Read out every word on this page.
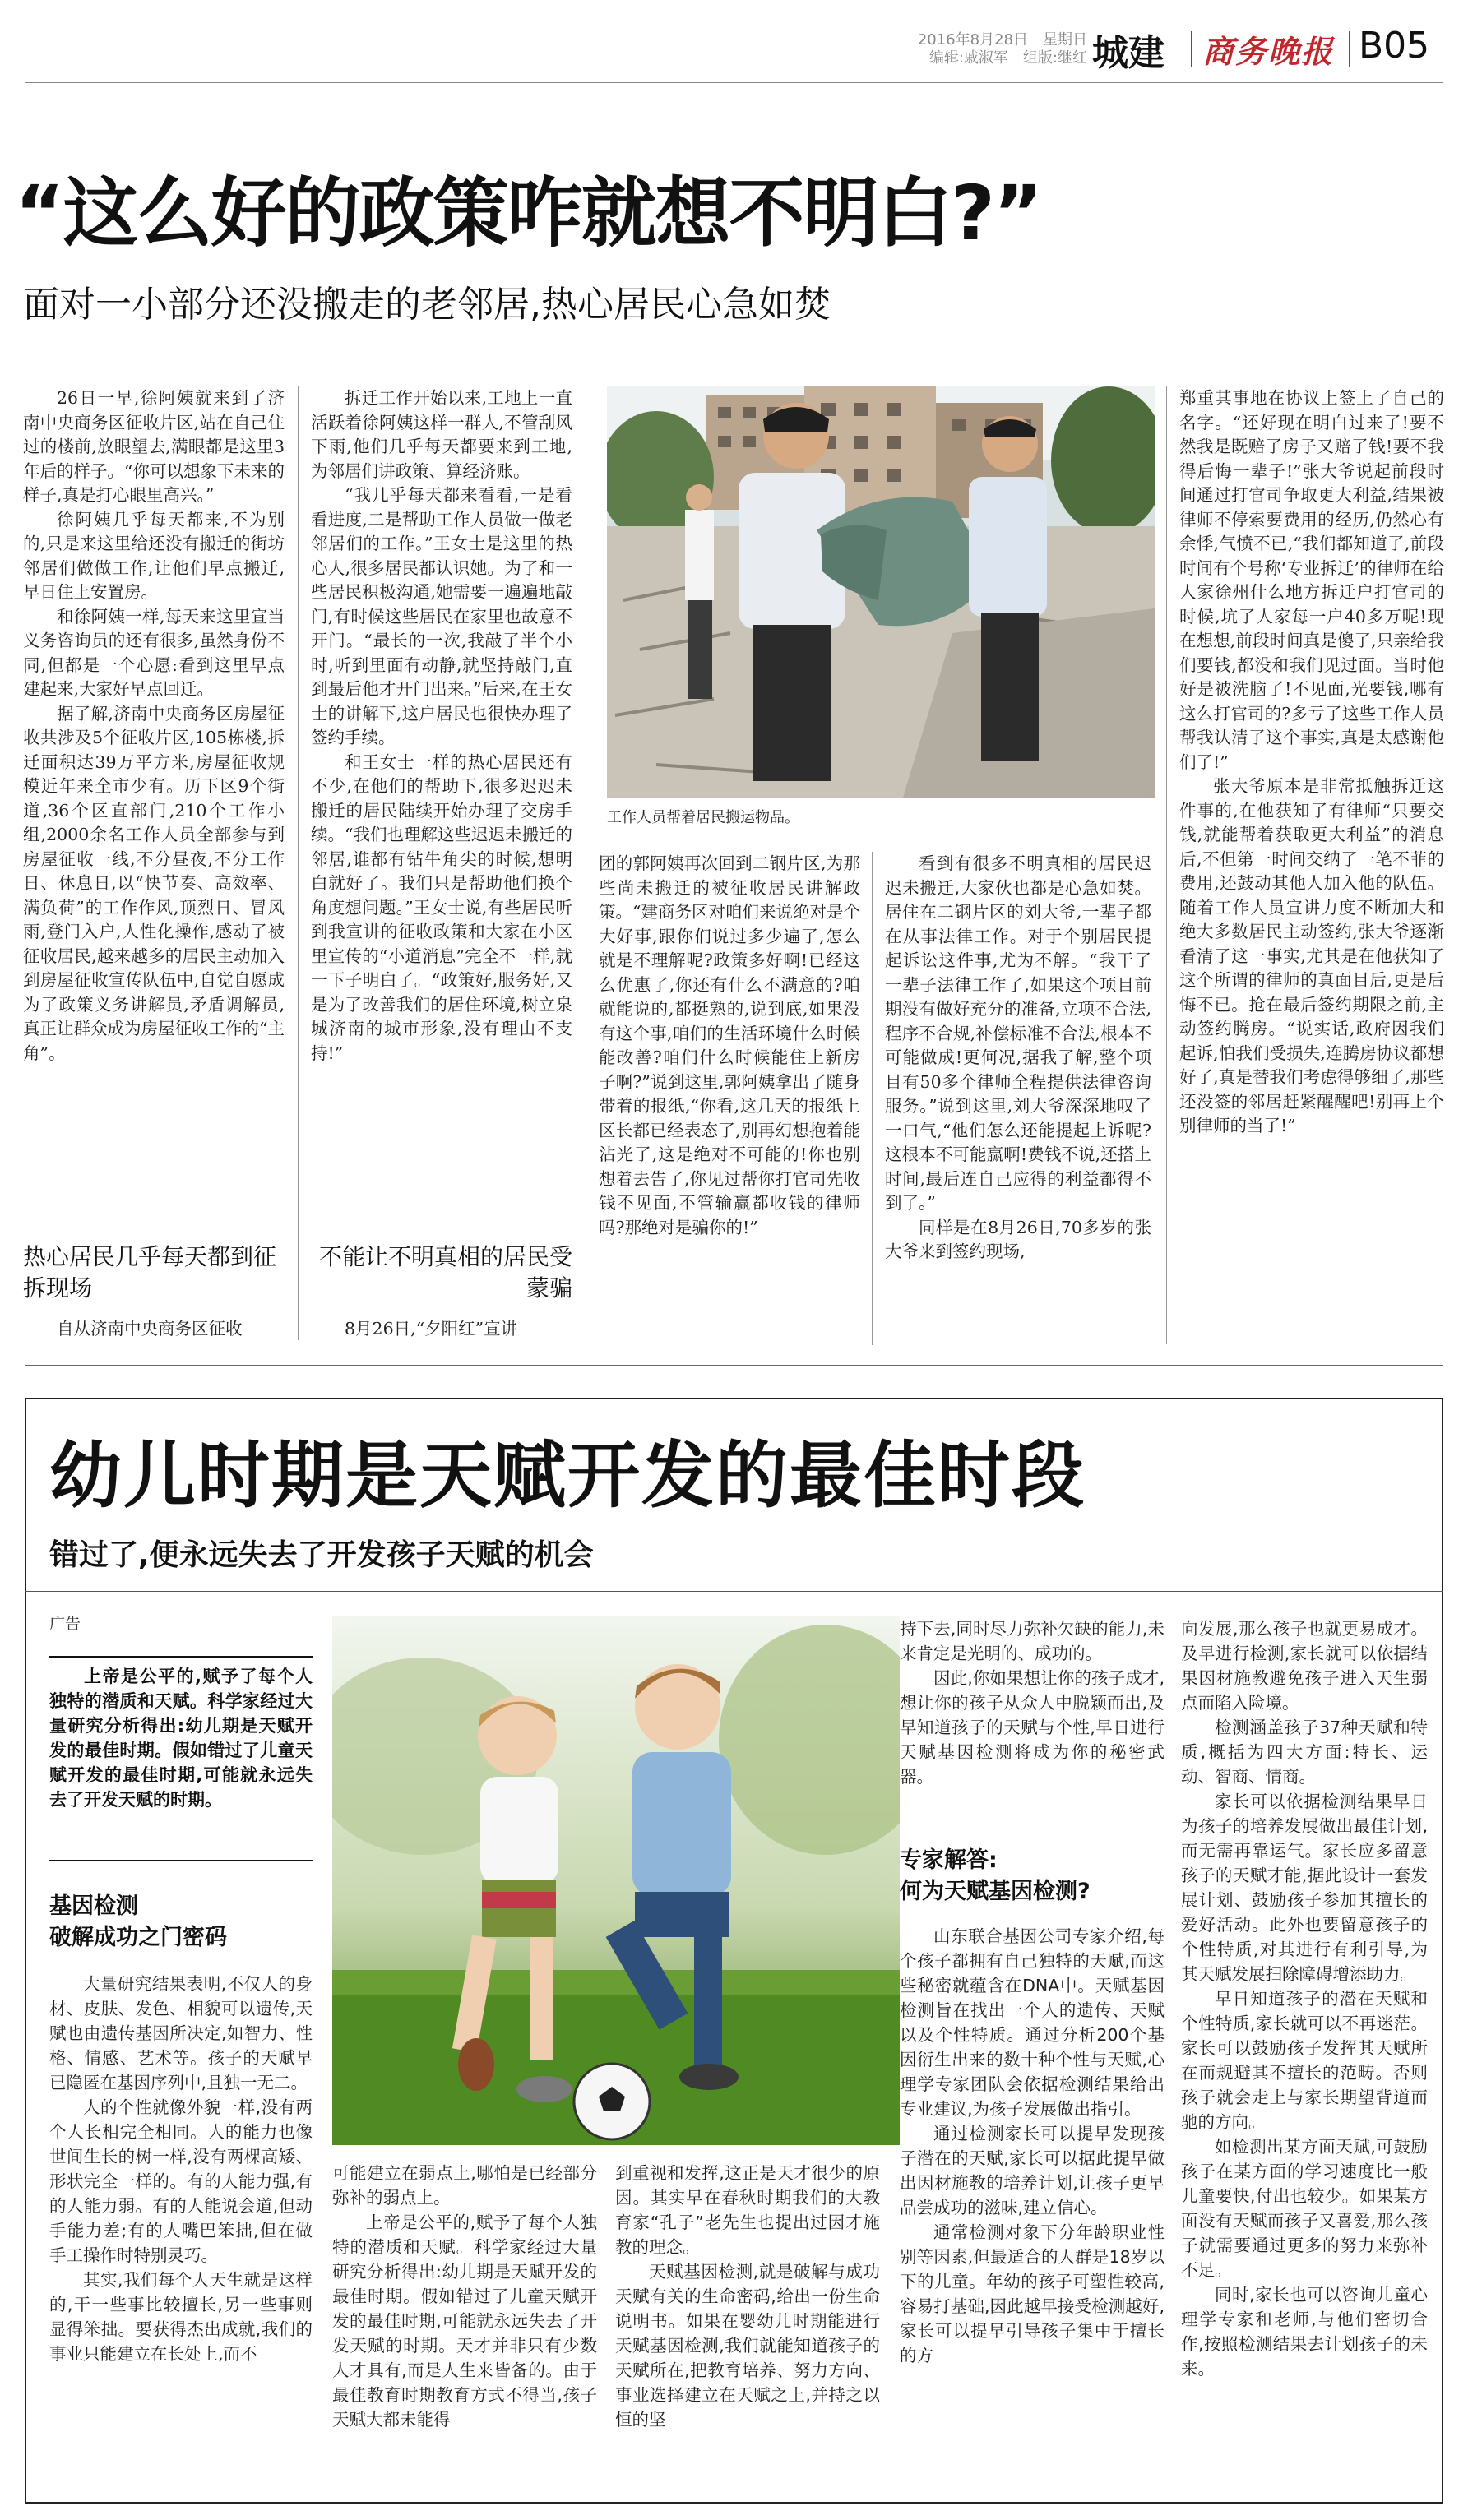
2016年8月28日　星期日
编辑:戚淑军　组版:继红 城建 商务晚报 B05
“这么好的政策咋就想不明白?”
面对一小部分还没搬走的老邻居,热心居民心急如焚

26日一早,徐阿姨就来到了济南中央商务区征收片区,站在自己住过的楼前,放眼望去,满眼都是这里3年后的样子。“你可以想象下未来的样子,真是打心眼里高兴。”

徐阿姨几乎每天都来,不为别的,只是来这里给还没有搬迁的街坊邻居们做做工作,让他们早点搬迁,早日住上安置房。

和徐阿姨一样,每天来这里宣当义务咨询员的还有很多,虽然身份不同,但都是一个心愿:看到这里早点建起来,大家好早点回迁。

据了解,济南中央商务区房屋征收共涉及5个征收片区,105栋楼,拆迁面积达39万平方米,房屋征收规模近年来全市少有。历下区9个街道,36个区直部门,210个工作小组,2000余名工作人员全部参与到房屋征收一线,不分昼夜,不分工作日、休息日,以“快节奏、高效率、满负荷”的工作作风,顶烈日、冒风雨,登门入户,人性化操作,感动了被征收居民,越来越多的居民主动加入到房屋征收宣传队伍中,自觉自愿成为了政策义务讲解员,矛盾调解员,真正让群众成为房屋征收工作的“主角”。

热心居民几乎每天都到征拆现场

自从济南中央商务区征收

拆迁工作开始以来,工地上一直活跃着徐阿姨这样一群人,不管刮风下雨,他们几乎每天都要来到工地,为邻居们讲政策、算经济账。

“我几乎每天都来看看,一是看看进度,二是帮助工作人员做一做老邻居们的工作。”王女士是这里的热心人,很多居民都认识她。为了和一些居民积极沟通,她需要一遍遍地敲门,有时候这些居民在家里也故意不开门。“最长的一次,我敲了半个小时,听到里面有动静,就坚持敲门,直到最后他才开门出来。”后来,在王女士的讲解下,这户居民也很快办理了签约手续。

和王女士一样的热心居民还有不少,在他们的帮助下,很多迟迟未搬迁的居民陆续开始办理了交房手续。“我们也理解这些迟迟未搬迁的邻居,谁都有钻牛角尖的时候,想明白就好了。我们只是帮助他们换个角度想问题。”王女士说,有些居民听到我宣讲的征收政策和大家在小区里宣传的“小道消息”完全不一样,就一下子明白了。“政策好,服务好,又是为了改善我们的居住环境,树立泉城济南的城市形象,没有理由不支持!”

不能让不明真相的居民受蒙骗

8月26日,“夕阳红”宣讲

工作人员帮着居民搬运物品。

团的郭阿姨再次回到二钢片区,为那些尚未搬迁的被征收居民讲解政策。“建商务区对咱们来说绝对是个大好事,跟你们说过多少遍了,怎么就是不理解呢?政策多好啊!已经这么优惠了,你还有什么不满意的?咱就能说的,都挺熟的,说到底,如果没有这个事,咱们的生活环境什么时候能改善?咱们什么时候能住上新房子啊?”说到这里,郭阿姨拿出了随身带着的报纸,“你看,这几天的报纸上区长都已经表态了,别再幻想抱着能沾光了,这是绝对不可能的!你也别想着去告了,你见过帮你打官司先收钱不见面,不管输赢都收钱的律师吗?那绝对是骗你的!”

看到有很多不明真相的居民迟迟未搬迁,大家伙也都是心急如焚。居住在二钢片区的刘大爷,一辈子都在从事法律工作。对于个别居民提起诉讼这件事,尤为不解。“我干了一辈子法律工作了,如果这个项目前期没有做好充分的准备,立项不合法,程序不合规,补偿标准不合法,根本不可能做成!更何况,据我了解,整个项目有50多个律师全程提供法律咨询服务。”说到这里,刘大爷深深地叹了一口气,“他们怎么还能提起上诉呢?这根本不可能赢啊!费钱不说,还搭上时间,最后连自己应得的利益都得不到了。”

同样是在8月26日,70多岁的张大爷来到签约现场,

郑重其事地在协议上签上了自己的名字。“还好现在明白过来了!要不然我是既赔了房子又赔了钱!要不我得后悔一辈子!”张大爷说起前段时间通过打官司争取更大利益,结果被律师不停索要费用的经历,仍然心有余悸,气愤不已,“我们都知道了,前段时间有个号称‘专业拆迁’的律师在给人家徐州什么地方拆迁户打官司的时候,坑了人家每一户40多万呢!现在想想,前段时间真是傻了,只亲给我们要钱,都没和我们见过面。当时他好是被洗脑了!不见面,光要钱,哪有这么打官司的?多亏了这些工作人员帮我认清了这个事实,真是太感谢他们了!”

张大爷原本是非常抵触拆迁这件事的,在他获知了有律师“只要交钱,就能帮着获取更大利益”的消息后,不但第一时间交纳了一笔不菲的费用,还鼓动其他人加入他的队伍。随着工作人员宣讲力度不断加大和绝大多数居民主动签约,张大爷逐渐看清了这一事实,尤其是在他获知了这个所谓的律师的真面目后,更是后悔不已。抢在最后签约期限之前,主动签约腾房。“说实话,政府因我们起诉,怕我们受损失,连腾房协议都想好了,真是替我们考虑得够细了,那些还没签的邻居赶紧醒醒吧!别再上个别律师的当了!”

幼儿时期是天赋开发的最佳时段
错过了,便永远失去了开发孩子天赋的机会
广告
上帝是公平的,赋予了每个人独特的潜质和天赋。科学家经过大量研究分析得出:幼儿期是天赋开发的最佳时期。假如错过了儿童天赋开发的最佳时期,可能就永远失去了开发天赋的时期。
基因检测
破解成功之门密码

大量研究结果表明,不仅人的身材、皮肤、发色、相貌可以遗传,天赋也由遗传基因所决定,如智力、性格、情感、艺术等。孩子的天赋早已隐匿在基因序列中,且独一无二。

人的个性就像外貌一样,没有两个人长相完全相同。人的能力也像世间生长的树一样,没有两棵高矮、形状完全一样的。有的人能力强,有的人能力弱。有的人能说会道,但动手能力差;有的人嘴巴笨拙,但在做手工操作时特别灵巧。

其实,我们每个人天生就是这样的,干一些事比较擅长,另一些事则显得笨拙。要获得杰出成就,我们的事业只能建立在长处上,而不

可能建立在弱点上,哪怕是已经部分弥补的弱点上。

上帝是公平的,赋予了每个人独特的潜质和天赋。科学家经过大量研究分析得出:幼儿期是天赋开发的最佳时期。假如错过了儿童天赋开发的最佳时期,可能就永远失去了开发天赋的时期。天才并非只有少数人才具有,而是人生来皆备的。由于最佳教育时期教育方式不得当,孩子天赋大都未能得

到重视和发挥,这正是天才很少的原因。其实早在春秋时期我们的大教育家“孔子”老先生也提出过因才施教的理念。

天赋基因检测,就是破解与成功天赋有关的生命密码,给出一份生命说明书。如果在婴幼儿时期能进行天赋基因检测,我们就能知道孩子的天赋所在,把教育培养、努力方向、事业选择建立在天赋之上,并持之以恒的坚

持下去,同时尽力弥补欠缺的能力,未来肯定是光明的、成功的。

因此,你如果想让你的孩子成才,想让你的孩子从众人中脱颖而出,及早知道孩子的天赋与个性,早日进行天赋基因检测将成为你的秘密武器。

专家解答:
何为天赋基因检测?

山东联合基因公司专家介绍,每个孩子都拥有自己独特的天赋,而这些秘密就蕴含在DNA中。天赋基因检测旨在找出一个人的遗传、天赋以及个性特质。通过分析200个基因衍生出来的数十种个性与天赋,心理学专家团队会依据检测结果给出专业建议,为孩子发展做出指引。

通过检测家长可以提早发现孩子潜在的天赋,家长可以据此提早做出因材施教的培养计划,让孩子更早品尝成功的滋味,建立信心。

通常检测对象下分年龄职业性别等因素,但最适合的人群是18岁以下的儿童。年幼的孩子可塑性较高,容易打基础,因此越早接受检测越好,家长可以提早引导孩子集中于擅长的方

向发展,那么孩子也就更易成才。及早进行检测,家长就可以依据结果因材施教避免孩子进入天生弱点而陷入险境。

检测涵盖孩子37种天赋和特质,概括为四大方面:特长、运动、智商、情商。

家长可以依据检测结果早日为孩子的培养发展做出最佳计划,而无需再靠运气。家长应多留意孩子的天赋才能,据此设计一套发展计划、鼓励孩子参加其擅长的爱好活动。此外也要留意孩子的个性特质,对其进行有利引导,为其天赋发展扫除障碍增添助力。

早日知道孩子的潜在天赋和个性特质,家长就可以不再迷茫。家长可以鼓励孩子发挥其天赋所在而规避其不擅长的范畴。否则孩子就会走上与家长期望背道而驰的方向。

如检测出某方面天赋,可鼓励孩子在某方面的学习速度比一般儿童要快,付出也较少。如果某方面没有天赋而孩子又喜爱,那么孩子就需要通过更多的努力来弥补不足。

同时,家长也可以咨询儿童心理学专家和老师,与他们密切合作,按照检测结果去计划孩子的未来。
